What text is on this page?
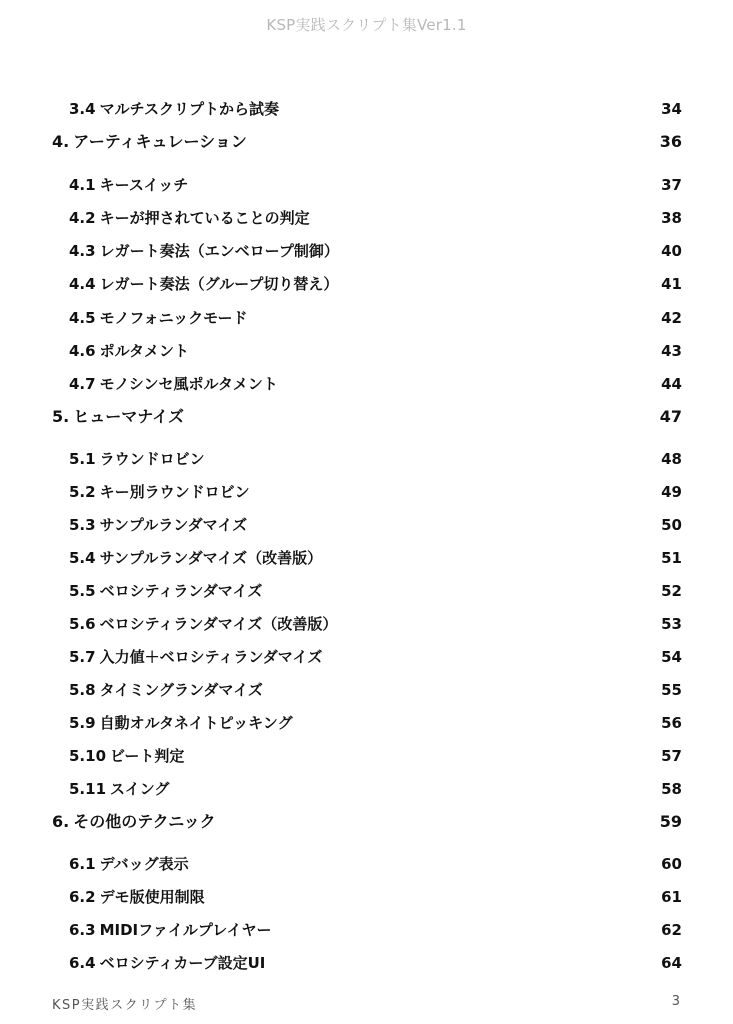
KSP実践スクリプト集Ver1.1
3.4 マルチスクリプトから試奏	34
4. アーティキュレーション	36
4.1 キースイッチ	37
4.2 キーが押されていることの判定	38
4.3 レガート奏法（エンベロープ制御）	40
4.4 レガート奏法（グループ切り替え）	41
4.5 モノフォニックモード	42
4.6 ポルタメント	43
4.7 モノシンセ風ポルタメント	44
5. ヒューマナイズ	47
5.1 ラウンドロビン	48
5.2 キー別ラウンドロビン	49
5.3 サンプルランダマイズ	50
5.4 サンプルランダマイズ（改善版）	51
5.5 ベロシティランダマイズ	52
5.6 ベロシティランダマイズ（改善版）	53
5.7 入力値＋ベロシティランダマイズ	54
5.8 タイミングランダマイズ	55
5.9 自動オルタネイトピッキング	56
5.10 ビート判定	57
5.11 スイング	58
6. その他のテクニック	59
6.1 デバッグ表示	60
6.2 デモ版使用制限	61
6.3 MIDIファイルプレイヤー	62
6.4 ベロシティカーブ設定UI	64
KSP実践スクリプト集	3
